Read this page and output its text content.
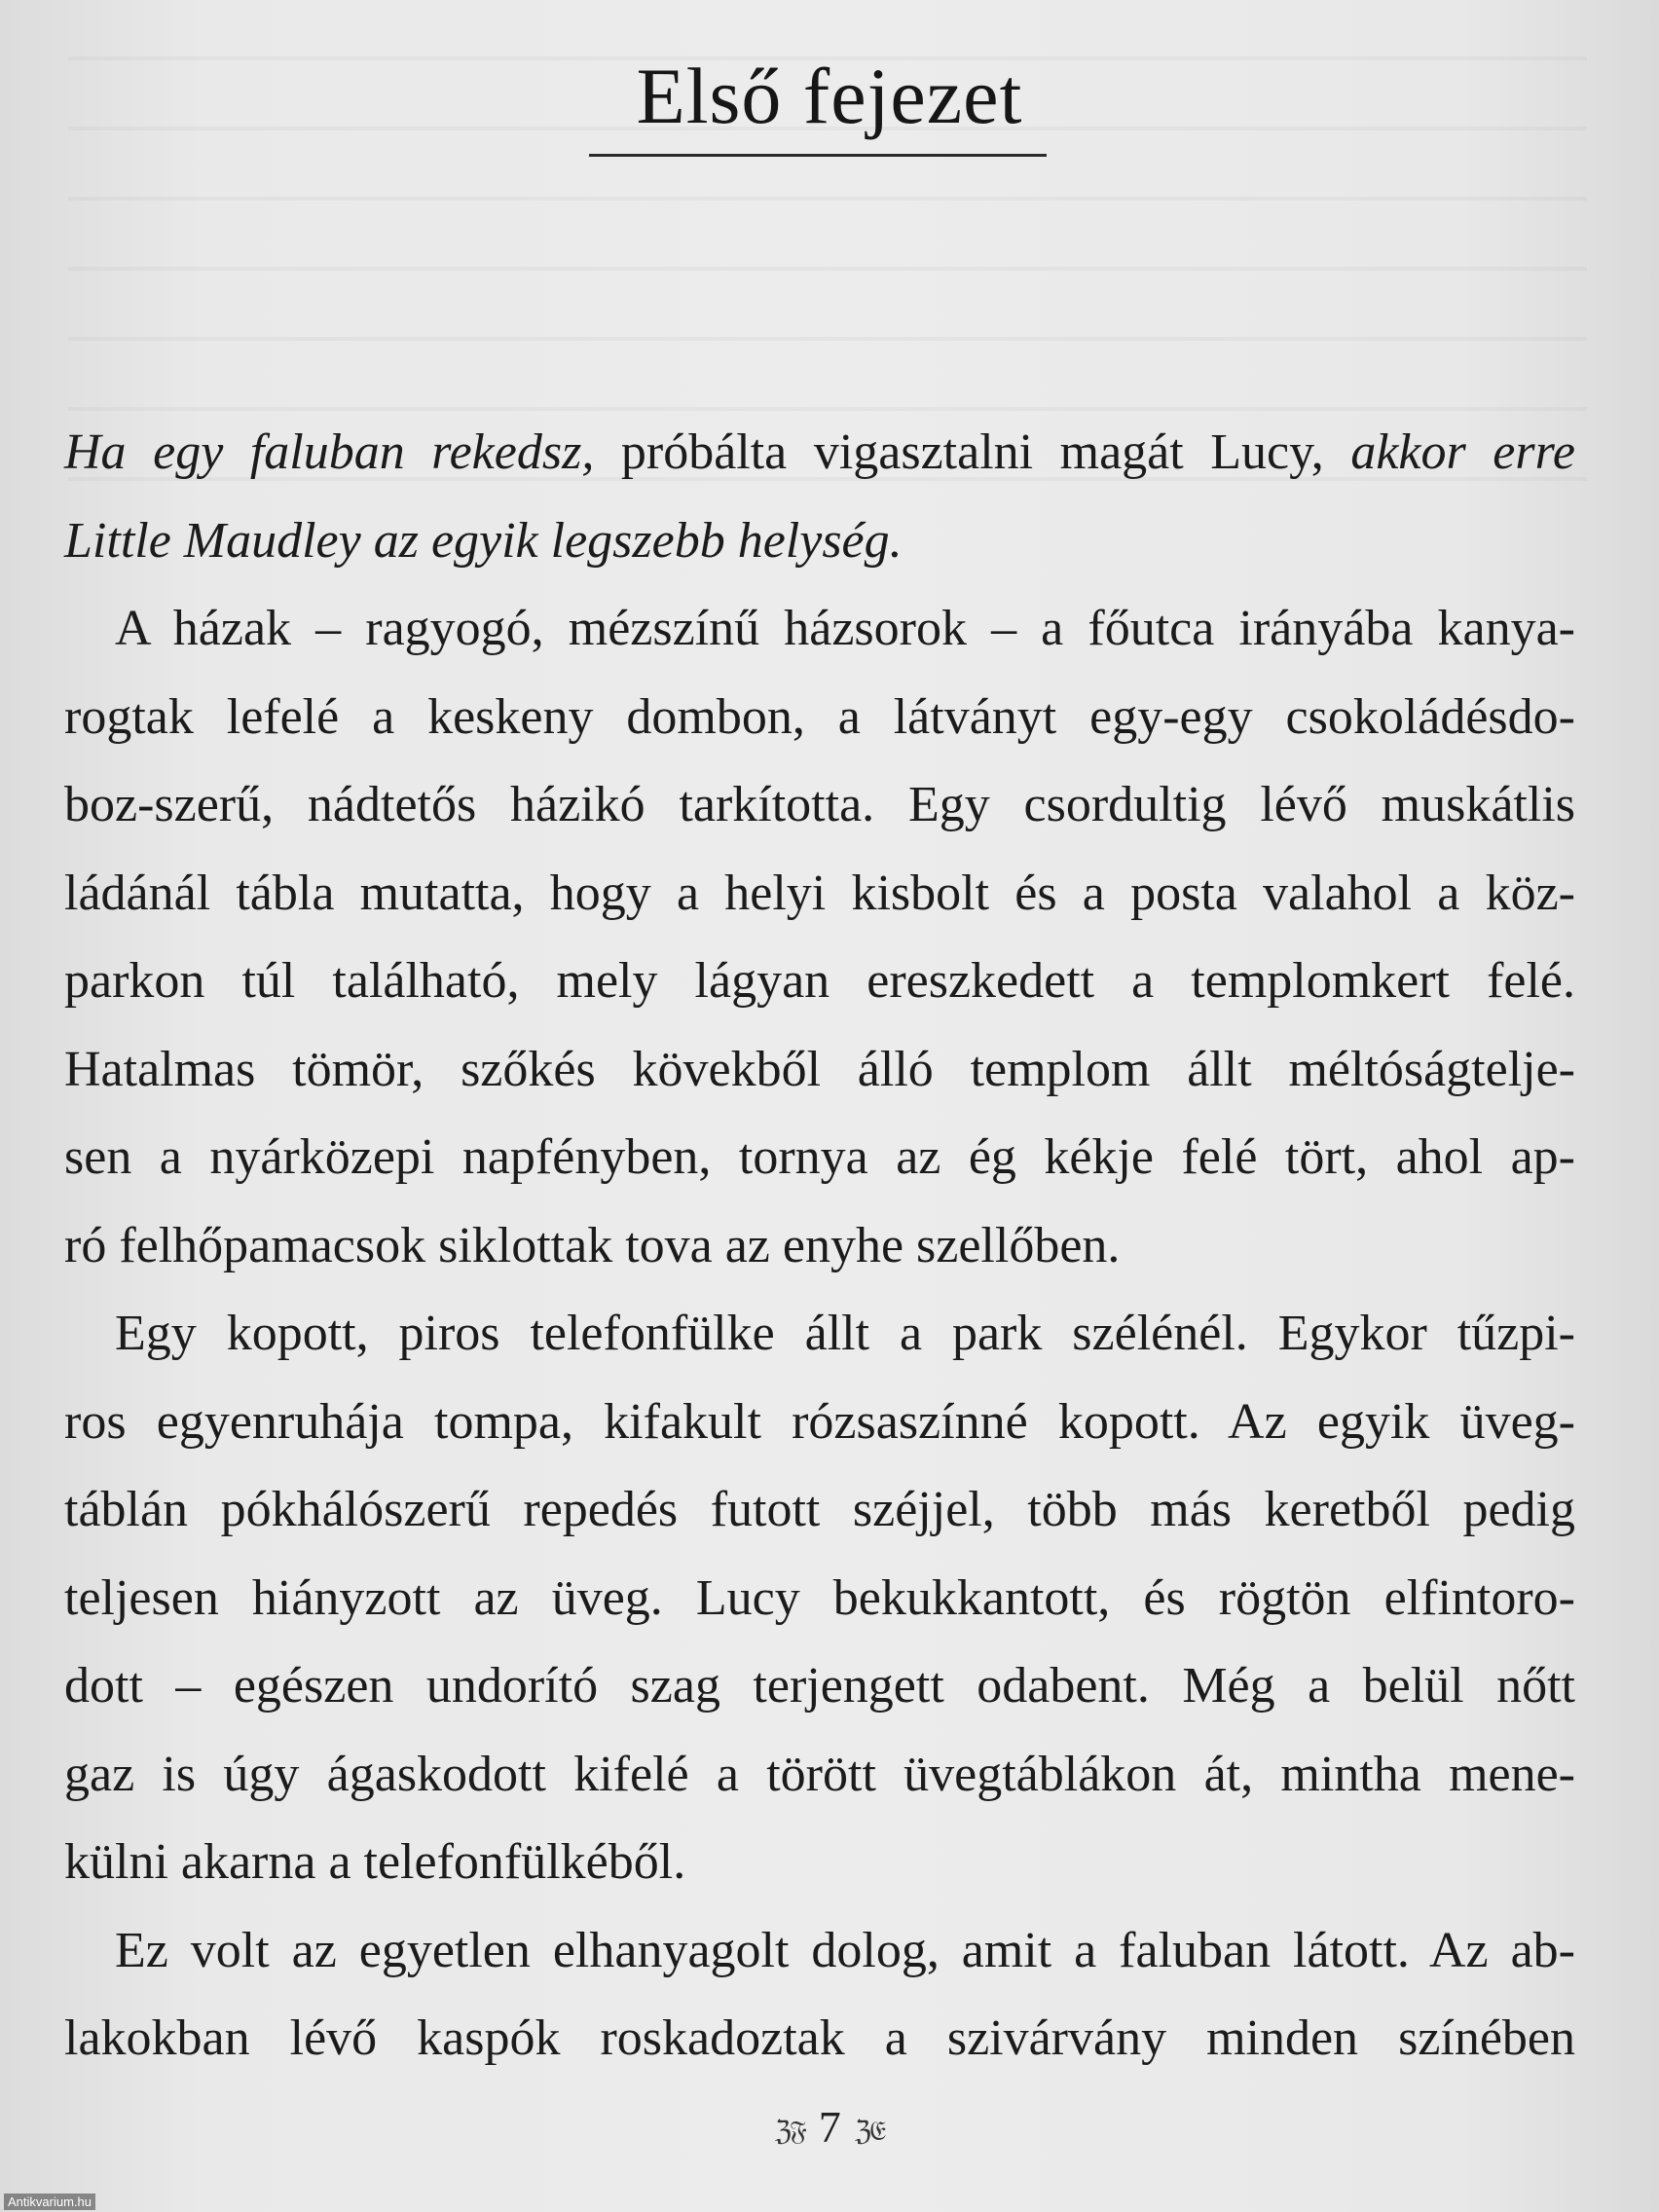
Első fejezet
Ha egy faluban rekedsz, próbálta vigasztalni magát Lucy, akkor erre
Little Maudley az egyik legszebb helység.
A házak – ragyogó, mézszínű házsorok – a főutca irányába kanya-
rogtak lefelé a keskeny dombon, a látványt egy-egy csokoládésdo-
boz-szerű, nádtetős házikó tarkította. Egy csordultig lévő muskátlis
ládánál tábla mutatta, hogy a helyi kisbolt és a posta valahol a köz-
parkon túl található, mely lágyan ereszkedett a templomkert felé.
Hatalmas tömör, szőkés kövekből álló templom állt méltóságtelje-
sen a nyárközepi napfényben, tornya az ég kékje felé tört, ahol ap-
ró felhőpamacsok siklottak tova az enyhe szellőben.
Egy kopott, piros telefonfülke állt a park szélénél. Egykor tűzpi-
ros egyenruhája tompa, kifakult rózsaszínné kopott. Az egyik üveg-
táblán pókhálószerű repedés futott széjjel, több más keretből pedig
teljesen hiányzott az üveg. Lucy bekukkantott, és rögtön elfintoro-
dott – egészen undorító szag terjengett odabent. Még a belül nőtt
gaz is úgy ágaskodott kifelé a törött üvegtáblákon át, mintha mene-
külni akarna a telefonfülkéből.
Ez volt az egyetlen elhanyagolt dolog, amit a faluban látott. Az ab-
lakokban lévő kaspók roskadoztak a szivárvány minden színében
ℨ𝔉 7 ℨ𝔈
Antikvarium.hu
